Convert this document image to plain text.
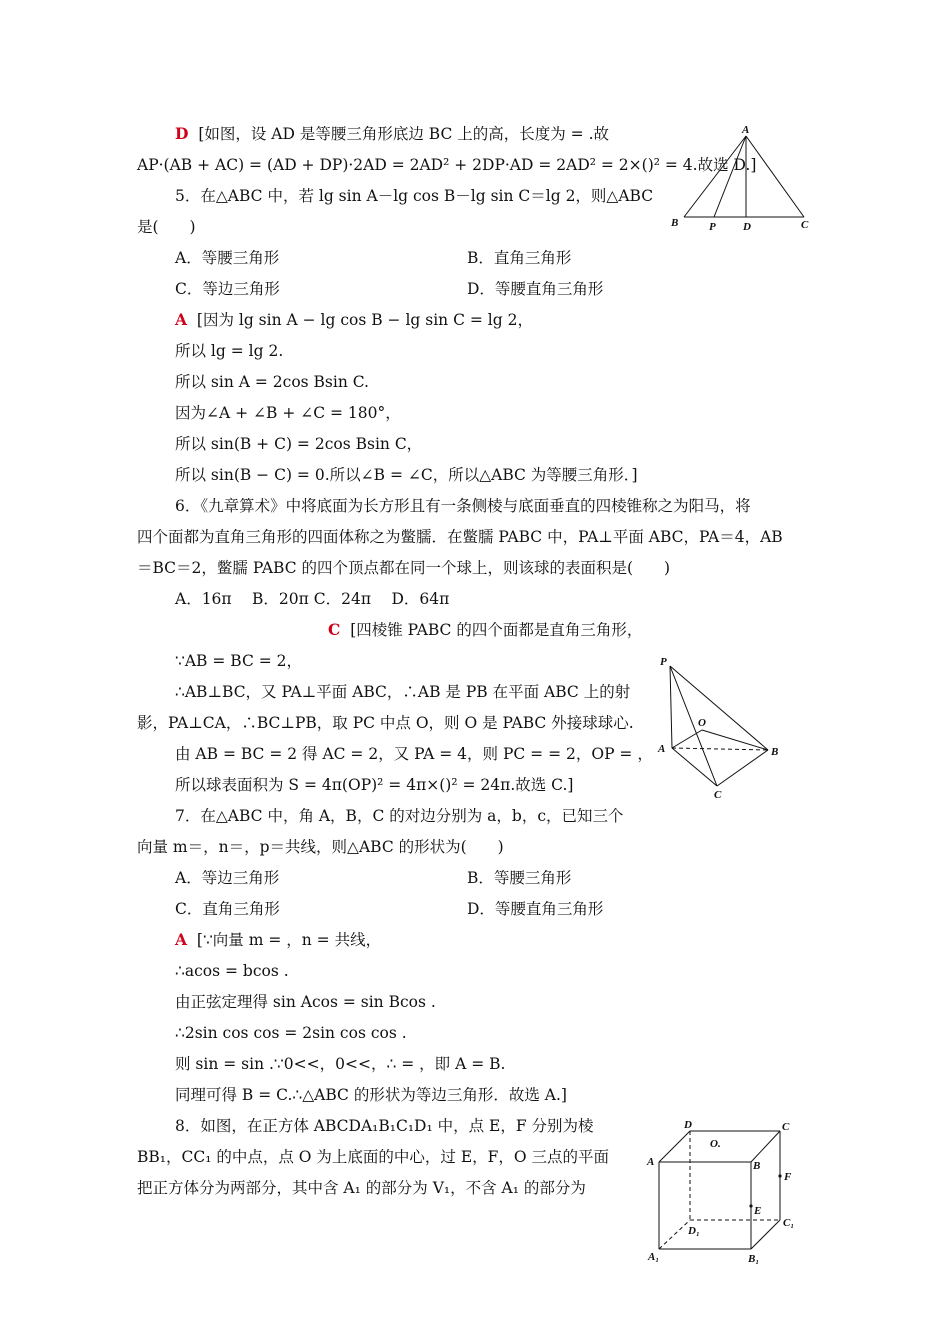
D [如图，设 AD 是等腰三角形底边 BC 上的高，长度为 = .故
AP·(AB + AC) = (AD + DP)·2AD = 2AD² + 2DP·AD = 2AD² = 2×()² = 4.故选 D.]
A
B	P D	C
5．在△ABC 中，若 lg sin A－lg cos B－lg sin C＝lg 2，则△ABC
是(　　)
A．等腰三角形	B．直角三角形
C．等边三角形	D．等腰直角三角形
A [因为 lg sin A − lg cos B − lg sin C = lg 2，
所以 lg = lg 2.
所以 sin A = 2cos Bsin C.
因为∠A + ∠B + ∠C = 180°，
所以 sin(B + C) = 2cos Bsin C，
所以 sin(B − C) = 0.所以∠B = ∠C，所以△ABC 为等腰三角形．]
6．《九章算术》中将底面为长方形且有一条侧棱与底面垂直的四棱锥称之为阳马，将
四个面都为直角三角形的四面体称之为鳖臑．在鳖臑 PABC 中，PA⊥平面 ABC，PA＝4，AB
＝BC＝2，鳖臑 PABC 的四个顶点都在同一个球上，则该球的表面积是(　　)
A．16π　 B．20π C．24π　 D．64π
C [四棱锥 PABC 的四个面都是直角三角形，
∵AB = BC = 2，
∴AB⊥BC，又 PA⊥平面 ABC，∴AB 是 PB 在平面 ABC 上的射
影，PA⊥CA，∴BC⊥PB，取 PC 中点 O，则 O 是 PABC 外接球球心.
由 AB = BC = 2 得 AC = 2，又 PA = 4，则 PC = = 2，OP = ，
所以球表面积为 S = 4π(OP)² = 4π×()² = 24π.故选 C.]
P
O
A	B
C
7．在△ABC 中，角 A，B，C 的对边分别为 a，b，c，已知三个
向量 m＝，n＝，p＝共线，则△ABC 的形状为(　　)
A．等边三角形	B．等腰三角形
C．直角三角形	D．等腰直角三角形
A [∵向量 m = ，n = 共线，
∴acos = bcos .
由正弦定理得 sin Acos = sin Bcos .
∴2sin cos cos = 2sin cos cos .
则 sin = sin .∵0<<，0<<，∴ = ，即 A = B.
同理可得 B = C.∴△ABC 的形状为等边三角形．故选 A.]
8．如图，在正方体 ABCDA₁B₁C₁D₁ 中，点 E，F 分别为棱
BB₁，CC₁ 的中点，点 O 为上底面的中心，过 E，F，O 三点的平面
把正方体分为两部分，其中含 A₁ 的部分为 V₁，不含 A₁ 的部分为
D	C
O.
A	B
F
E
D₁
C₁
A₁	B₁
